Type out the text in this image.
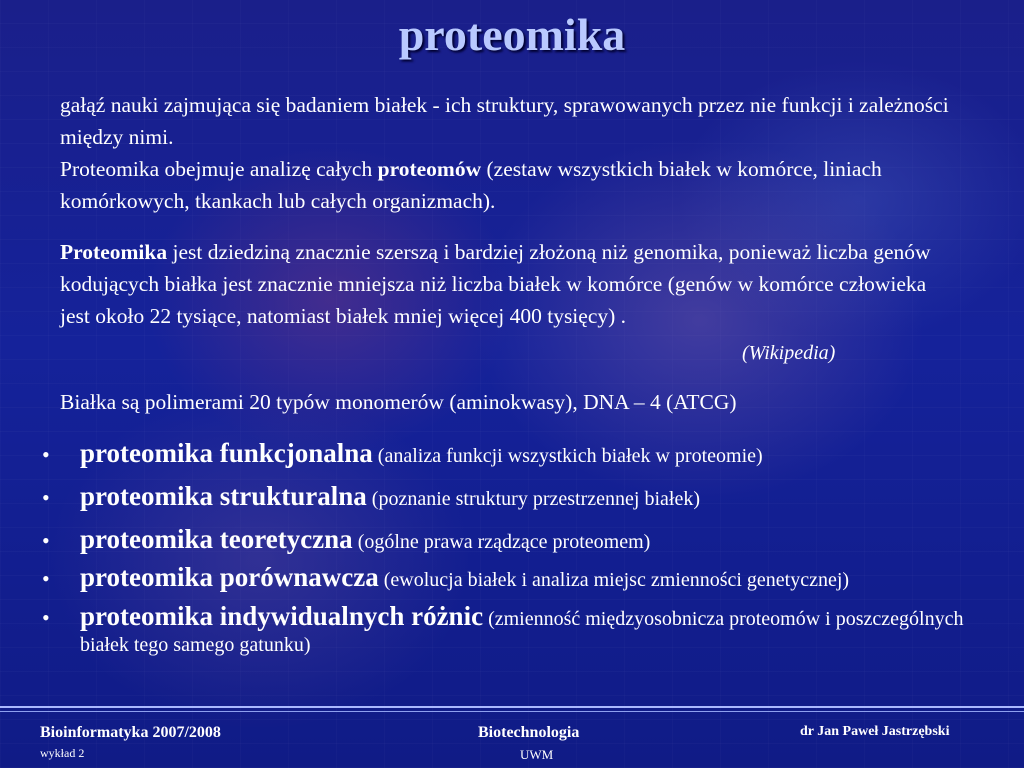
proteomika
gałąź nauki zajmująca się badaniem białek - ich struktury, sprawowanych przez nie funkcji i zależności między nimi.
Proteomika obejmuje analizę całych proteomów (zestaw wszystkich białek w komórce, liniach komórkowych, tkankach lub całych organizmach).
Proteomika jest dziedziną znacznie szerszą i bardziej złożoną niż genomika, ponieważ liczba genów kodujących białka jest znacznie mniejsza niż liczba białek w komórce (genów w komórce człowieka jest około 22 tysiące, natomiast białek mniej więcej 400 tysięcy) .
(Wikipedia)
Białka są polimerami 20 typów monomerów (aminokwasy), DNA – 4 (ATCG)
• proteomika funkcjonalna (analiza funkcji wszystkich białek w proteomie)
• proteomika strukturalna (poznanie struktury przestrzennej białek)
• proteomika teoretyczna (ogólne prawa rządzące proteomem)
• proteomika porównawcza (ewolucja białek i analiza miejsc zmienności genetycznej)
• proteomika indywidualnych różnic (zmienność międzyosobnicza proteomów i poszczególnych białek tego samego gatunku)
Bioinformatyka 2007/2008
wykład 2
Biotechnologia
UWM
dr Jan Paweł Jastrzębski
